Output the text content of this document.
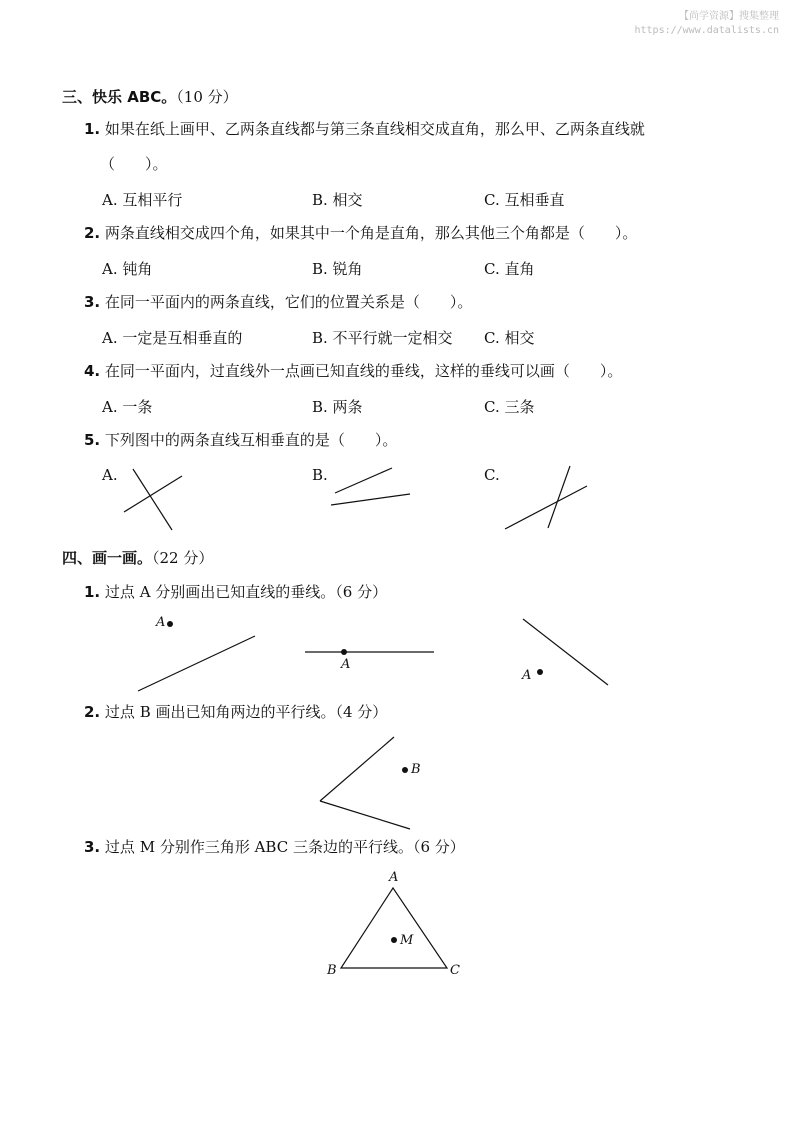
【尚学资源】搜集整理
https://www.datalists.cn
三、快乐 ABC。（10 分）
1. 如果在纸上画甲、乙两条直线都与第三条直线相交成直角，那么甲、乙两条直线就
（　　）。
A. 互相平行	B. 相交	C. 互相垂直
2. 两条直线相交成四个角，如果其中一个角是直角，那么其他三个角都是（　　）。
A. 钝角	B. 锐角	C. 直角
3. 在同一平面内的两条直线，它们的位置关系是（　　）。
A. 一定是互相垂直的	B. 不平行就一定相交 C. 相交
4. 在同一平面内，过直线外一点画已知直线的垂线，这样的垂线可以画（　　）。
A. 一条	B. 两条	C. 三条
5. 下列图中的两条直线互相垂直的是（　　）。
A.	B.	C.
四、画一画。（22 分）
1. 过点 A 分别画出已知直线的垂线。（6 分）
2. 过点 B 画出已知角两边的平行线。（4 分）
3. 过点 M 分别作三角形 ABC 三条边的平行线。（6 分）
A
A
A
B
A
B	C
M
